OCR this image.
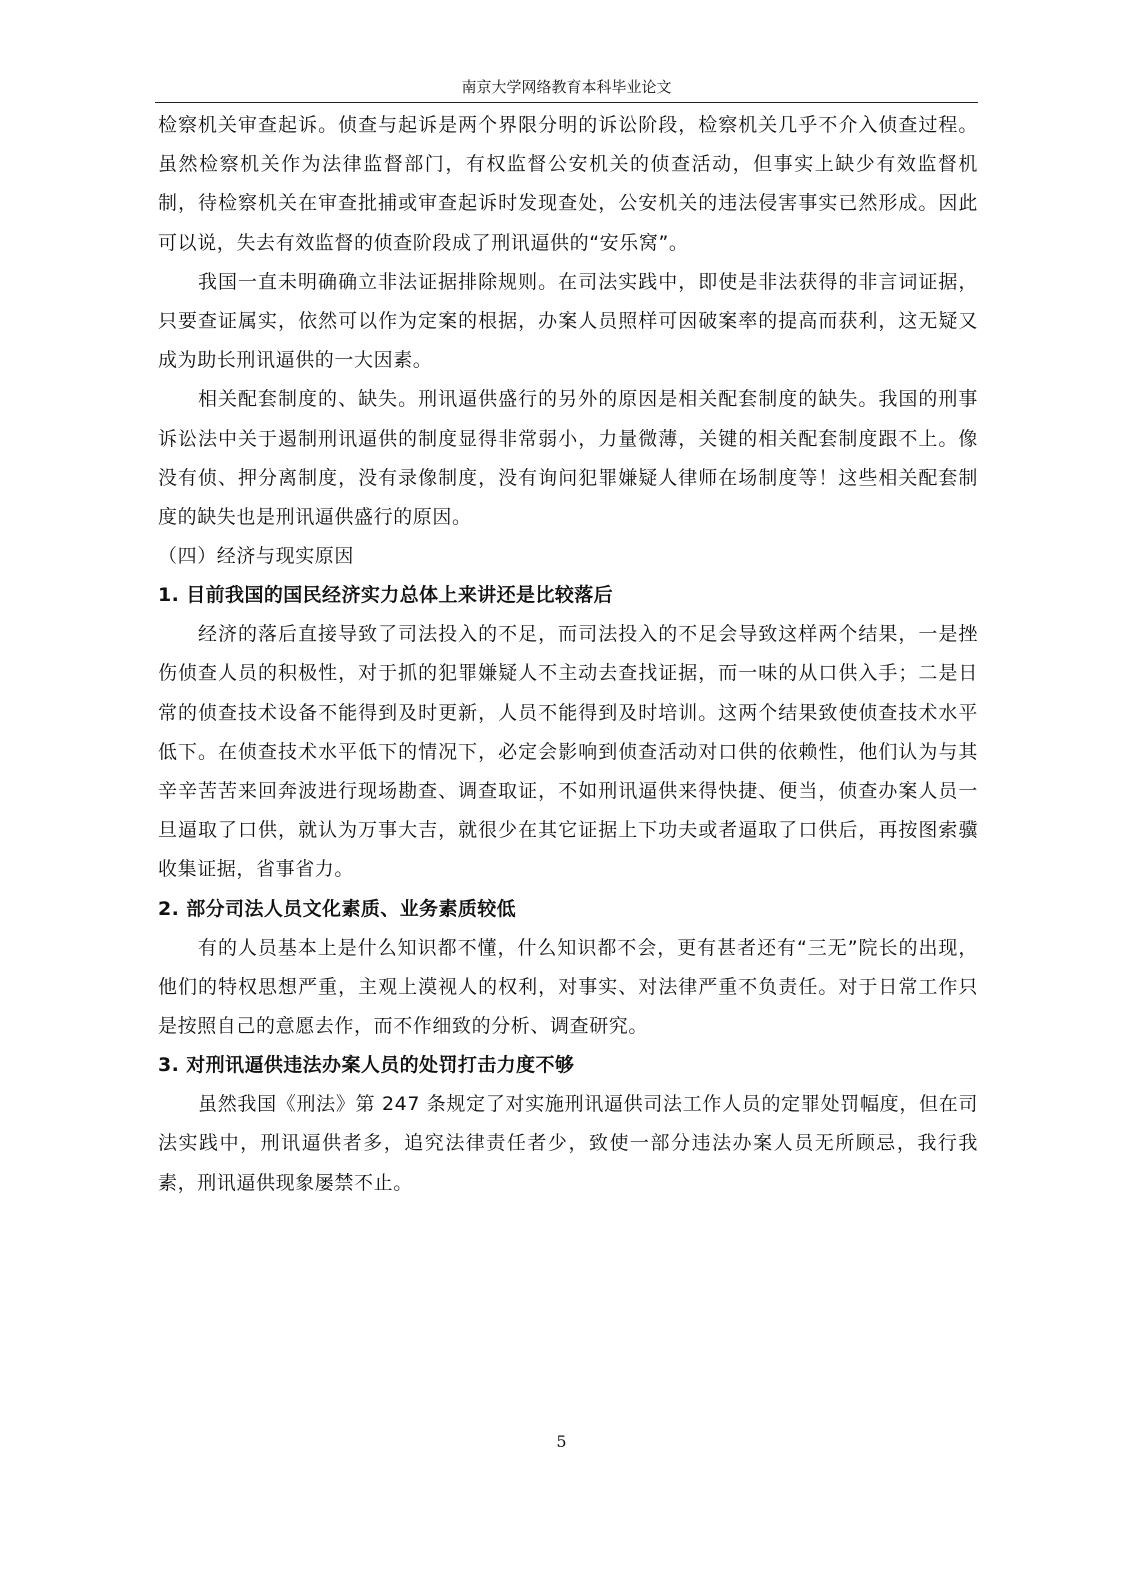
南京大学网络教育本科毕业论文

检察机关审查起诉。侦查与起诉是两个界限分明的诉讼阶段，检察机关几乎不介入侦查过程。虽然检察机关作为法律监督部门，有权监督公安机关的侦查活动，但事实上缺少有效监督机制，待检察机关在审查批捕或审查起诉时发现查处，公安机关的违法侵害事实已然形成。因此可以说，失去有效监督的侦查阶段成了刑讯逼供的“安乐窝”。

我国一直未明确确立非法证据排除规则。在司法实践中，即使是非法获得的非言词证据，只要查证属实，依然可以作为定案的根据，办案人员照样可因破案率的提高而获利，这无疑又成为助长刑讯逼供的一大因素。

相关配套制度的、缺失。刑讯逼供盛行的另外的原因是相关配套制度的缺失。我国的刑事诉讼法中关于遏制刑讯逼供的制度显得非常弱小，力量微薄，关键的相关配套制度跟不上。像没有侦、押分离制度，没有录像制度，没有询问犯罪嫌疑人律师在场制度等！这些相关配套制度的缺失也是刑讯逼供盛行的原因。

（四）经济与现实原因

1. 目前我国的国民经济实力总体上来讲还是比较落后

经济的落后直接导致了司法投入的不足，而司法投入的不足会导致这样两个结果，一是挫伤侦查人员的积极性，对于抓的犯罪嫌疑人不主动去查找证据，而一味的从口供入手；二是日常的侦查技术设备不能得到及时更新，人员不能得到及时培训。这两个结果致使侦查技术水平低下。在侦查技术水平低下的情况下，必定会影响到侦查活动对口供的依赖性，他们认为与其辛辛苦苦来回奔波进行现场勘查、调查取证，不如刑讯逼供来得快捷、便当，侦查办案人员一旦逼取了口供，就认为万事大吉，就很少在其它证据上下功夫或者逼取了口供后，再按图索骥收集证据，省事省力。

2. 部分司法人员文化素质、业务素质较低

有的人员基本上是什么知识都不懂，什么知识都不会，更有甚者还有“三无”院长的出现，他们的特权思想严重，主观上漠视人的权利，对事实、对法律严重不负责任。对于日常工作只是按照自己的意愿去作，而不作细致的分析、调查研究。

3. 对刑讯逼供违法办案人员的处罚打击力度不够

虽然我国《刑法》第 247 条规定了对实施刑讯逼供司法工作人员的定罪处罚幅度，但在司法实践中，刑讯逼供者多，追究法律责任者少，致使一部分违法办案人员无所顾忌，我行我素，刑讯逼供现象屡禁不止。

5
